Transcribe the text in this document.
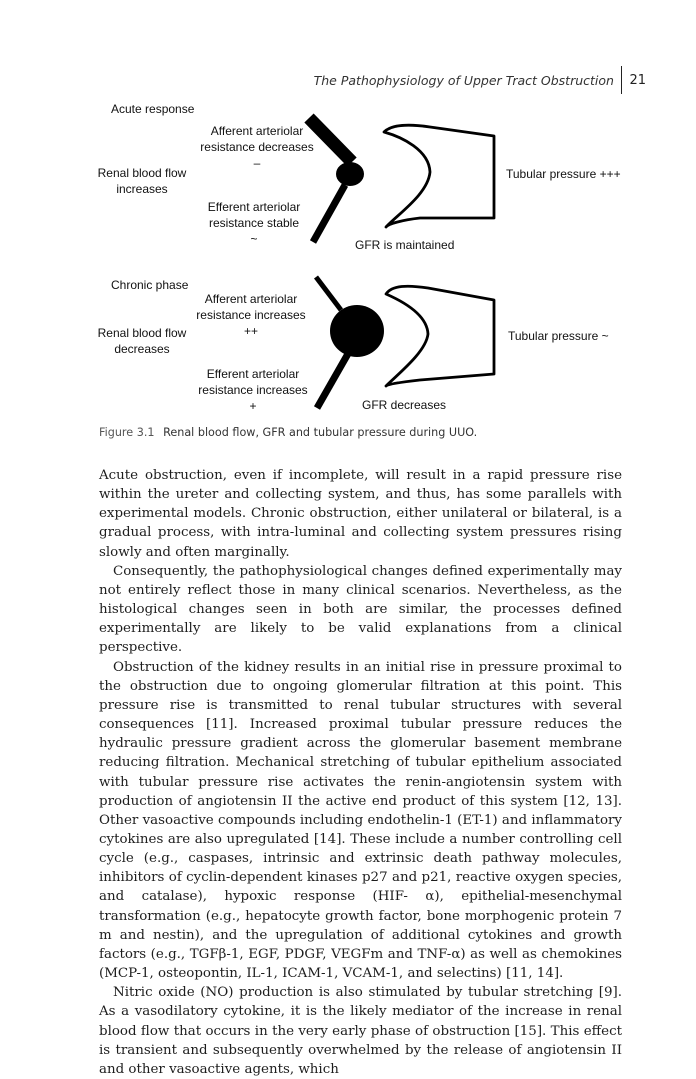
The Pathophysiology of Upper Tract Obstruction	21
Acute response
Afferent arteriolar
resistance decreases
–
Renal blood flow
increases
Efferent arteriolar
resistance stable
~	GFR is maintained
Tubular pressure +++
Chronic phase
Afferent arteriolar
resistance increases
++
Renal blood flow
decreases
Efferent arteriolar
resistance increases
+	GFR decreases
Tubular pressure ~
Figure 3.1 Renal blood flow, GFR and tubular pressure during UUO.

Acute obstruction, even if incomplete, will result in a rapid pressure rise within the ureter and collecting system, and thus, has some parallels with experimental models. Chronic obstruction, either unilateral or bilateral, is a gradual process, with intra-luminal and collecting system pressures rising slowly and often marginally.

Consequently, the pathophysiological changes defined experimentally may not entirely reflect those in many clinical scenarios. Nevertheless, as the histological changes seen in both are similar, the processes defined experimentally are likely to be valid explanations from a clinical perspective.

Obstruction of the kidney results in an initial rise in pressure proximal to the obstruction due to ongoing glomerular filtration at this point. This pressure rise is transmitted to renal tubular structures with several consequences [11]. Increased proximal tubular pressure reduces the hydraulic pressure gradient across the glomerular basement membrane reducing filtration. Mechanical stretching of tubular epithelium associated with tubular pressure rise activates the renin-angiotensin system with production of angiotensin II the active end product of this system [12, 13]. Other vasoactive compounds including endothelin-1 (ET-1) and inflammatory cytokines are also upregulated [14]. These include a number controlling cell cycle (e.g., caspases, intrinsic and extrinsic death pathway molecules, inhibitors of cyclin-dependent kinases p27 and p21, reactive oxygen species, and catalase), hypoxic response (HIF- α), epithelial-mesenchymal transformation (e.g., hepatocyte growth factor, bone morphogenic protein 7 m and nestin), and the upregulation of additional cytokines and growth factors (e.g., TGFβ-1, EGF, PDGF, VEGFm and TNF-α) as well as chemokines (MCP-1, osteopontin, IL-1, ICAM-1, VCAM-1, and selectins) [11, 14].

Nitric oxide (NO) production is also stimulated by tubular stretching [9]. As a vasodilatory cytokine, it is the likely mediator of the increase in renal blood flow that occurs in the very early phase of obstruction [15]. This effect is transient and subsequently overwhelmed by the release of angiotensin II and other vasoactive agents, which
